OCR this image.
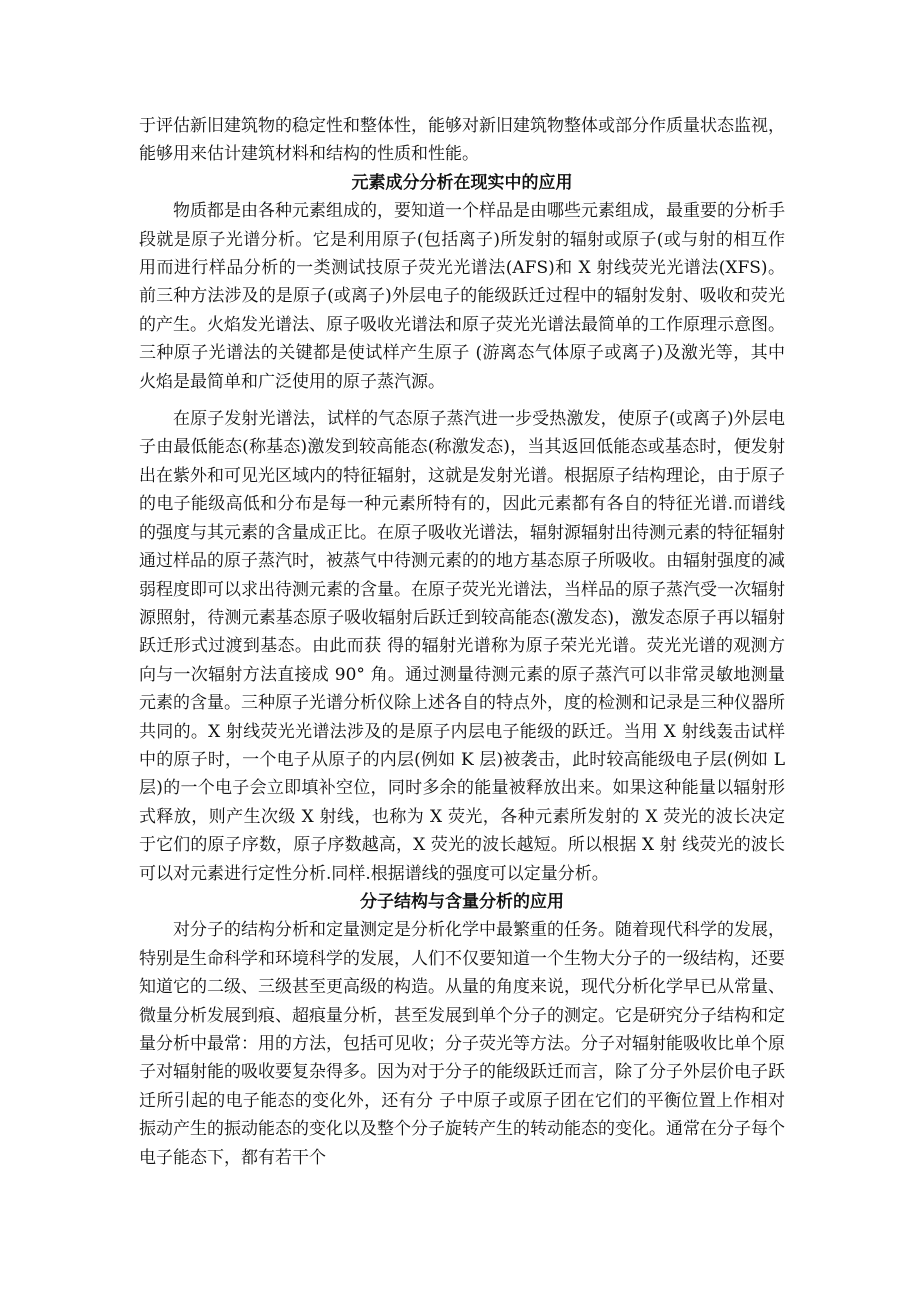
于评估新旧建筑物的稳定性和整体性，能够对新旧建筑物整体或部分作质量状态监视，能够用来估计建筑材料和结构的性质和性能。

元素成分分析在现实中的应用

物质都是由各种元素组成的，要知道一个样品是由哪些元素组成，最重要的分析手段就是原子光谱分析。它是利用原子(包括离子)所发射的辐射或原子(或与射的相互作用而进行样品分析的一类测试技原子荧光光谱法(AFS)和 X 射线荧光光谱法(XFS)。 前三种方法涉及的是原子(或离子)外层电子的能级跃迁过程中的辐射发射、吸收和荧光的产生。火焰发光谱法、原子吸收光谱法和原子荧光光谱法最简单的工作原理示意图。三种原子光谱法的关键都是使试样产生原子 (游离态气体原子或离子)及激光等，其中火焰是最简单和广泛使用的原子蒸汽源。

在原子发射光谱法，试样的气态原子蒸汽进一步受热激发，使原子(或离子)外层电子由最低能态(称基态)激发到较高能态(称激发态)，当其返回低能态或基态时，便发射出在紫外和可见光区域内的特征辐射，这就是发射光谱。根据原子结构理论，由于原子的电子能级高低和分布是每一种元素所特有的，因此元素都有各自的特征光谱.而谱线的强度与其元素的含量成正比。在原子吸收光谱法，辐射源辐射出待测元素的特征辐射通过样品的原子蒸汽时，被蒸气中待测元素的的地方基态原子所吸收。由辐射强度的减弱程度即可以求出待测元素的含量。在原子荧光光谱法，当样品的原子蒸汽受一次辐射源照射，待测元素基态原子吸收辐射后跃迁到较高能态(激发态)，激发态原子再以辐射跃迁形式过渡到基态。由此而获 得的辐射光谱称为原子荣光光谱。荧光光谱的观测方向与一次辐射方法直接成 90° 角。通过测量待测元素的原子蒸汽可以非常灵敏地测量元素的含量。三种原子光谱分析仪除上述各自的特点外，度的检测和记录是三种仪器所共同的。X 射线荧光光谱法涉及的是原子内层电子能级的跃迁。当用 X 射线轰击试样中的原子时，一个电子从原子的内层(例如 K 层)被袭击，此时较高能级电子层(例如 L 层)的一个电子会立即填补空位，同时多余的能量被释放出来。如果这种能量以辐射形式释放，则产生次级 X 射线，也称为 X 荧光，各种元素所发射的 X 荧光的波长决定于它们的原子序数，原子序数越高，X 荧光的波长越短。所以根据 X 射 线荧光的波长可以对元素进行定性分析.同样.根据谱线的强度可以定量分析。

分子结构与含量分析的应用

对分子的结构分析和定量测定是分析化学中最繁重的任务。随着现代科学的发展，特别是生命科学和环境科学的发展，人们不仅要知道一个生物大分子的一级结构，还要知道它的二级、三级甚至更高级的构造。从量的角度来说，现代分析化学早已从常量、微量分析发展到痕、超痕量分析，甚至发展到单个分子的测定。它是研究分子结构和定量分析中最常：用的方法，包括可见收；分子荧光等方法。分子对辐射能吸收比单个原子对辐射能的吸收要复杂得多。因为对于分子的能级跃迁而言，除了分子外层价电子跃迁所引起的电子能态的变化外，还有分 子中原子或原子团在它们的平衡位置上作相对振动产生的振动能态的变化以及整个分子旋转产生的转动能态的变化。通常在分子每个电子能态下，都有若干个
